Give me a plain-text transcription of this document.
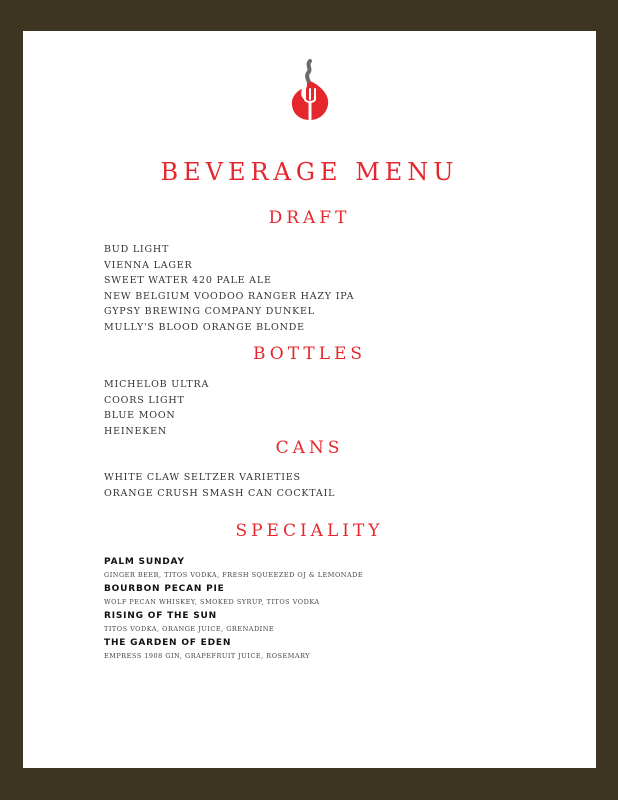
BEVERAGE MENU
DRAFT
BUD LIGHT
VIENNA LAGER
SWEET WATER 420 PALE ALE
NEW BELGIUM VOODOO RANGER HAZY IPA
GYPSY BREWING COMPANY DUNKEL
MULLY'S BLOOD ORANGE BLONDE
BOTTLES
MICHELOB ULTRA
COORS LIGHT
BLUE MOON
HEINEKEN
CANS
WHITE CLAW SELTZER VARIETIES
ORANGE CRUSH SMASH CAN COCKTAIL
SPECIALITY
PALM SUNDAY
GINGER BEER, TITOS VODKA, FRESH SQUEEZED OJ & LEMONADE
BOURBON PECAN PIE
WOLF PECAN WHISKEY, SMOKED SYRUP, TITOS VODKA
RISING OF THE SUN
TITOS VODKA, ORANGE JUICE, GRENADINE
THE GARDEN OF EDEN
EMPRESS 1908 GIN, GRAPEFRUIT JUICE, ROSEMARY
